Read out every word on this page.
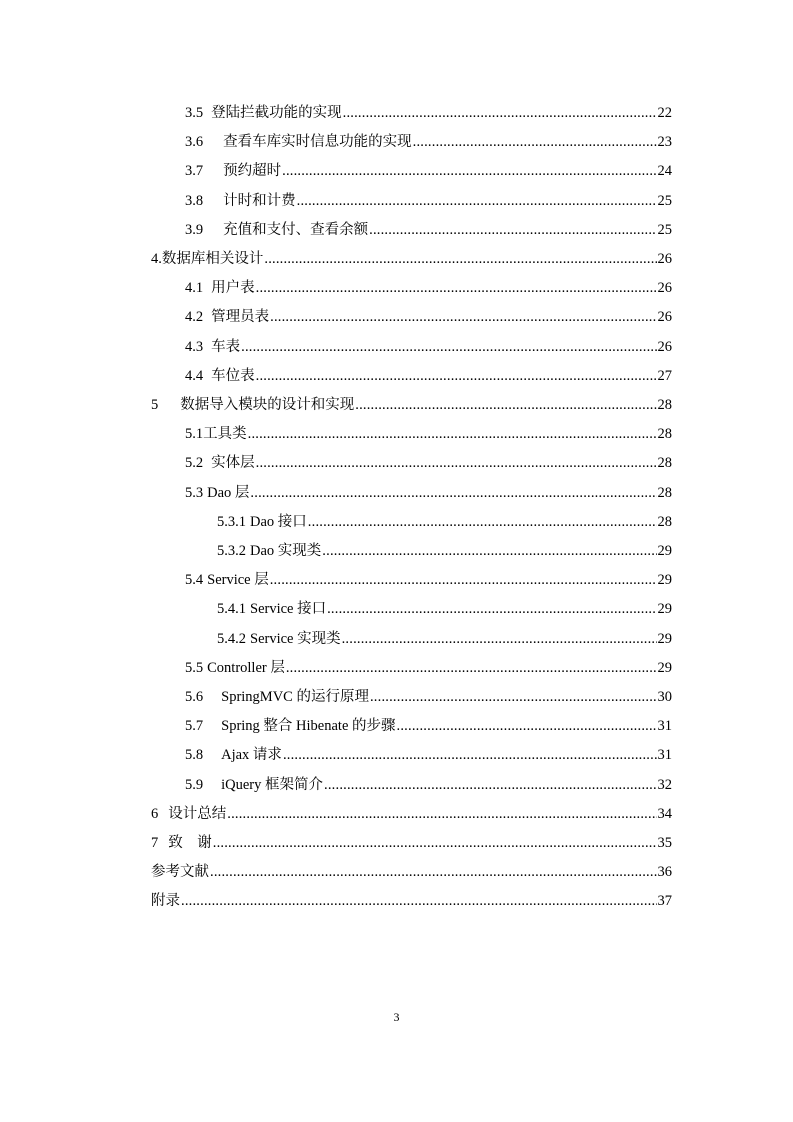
3.5 登陆拦截功能的实现 .....	22
3.6 查看车库实时信息功能的实现 .....	23
3.7 预约超时 .....	24
3.8 计时和计费 .....	25
3.9 充值和支付、查看余额 .....	25
4. 数据库相关设计 .....	26
4.1 用户表 .....	26
4.2 管理员表 .....	26
4.3 车表 .....	26
4.4 车位表 .....	27
5 数据导入模块的设计和实现 .....	28
5.1 工具类 .....	28
5.2 实体层 .....	28
5.3 Dao 层 .....	28
5.3.1 Dao 接口 .....	28
5.3.2 Dao 实现类 .....	29
5.4 Service 层 .....	29
5.4.1 Service 接口 .....	29
5.4.2 Service 实现类 .....	29
5.5 Controller 层 .....	29
5.6 SpringMVC 的运行原理 .....	30
5.7 Spring 整合 Hibenate 的步骤 .....	31
5.8 Ajax 请求 .....	31
5.9 iQuery 框架简介 .....	32
6 设计总结 .....	34
7 致　谢 .....	35
参考文献 .....	36
附录 .....	37
3
